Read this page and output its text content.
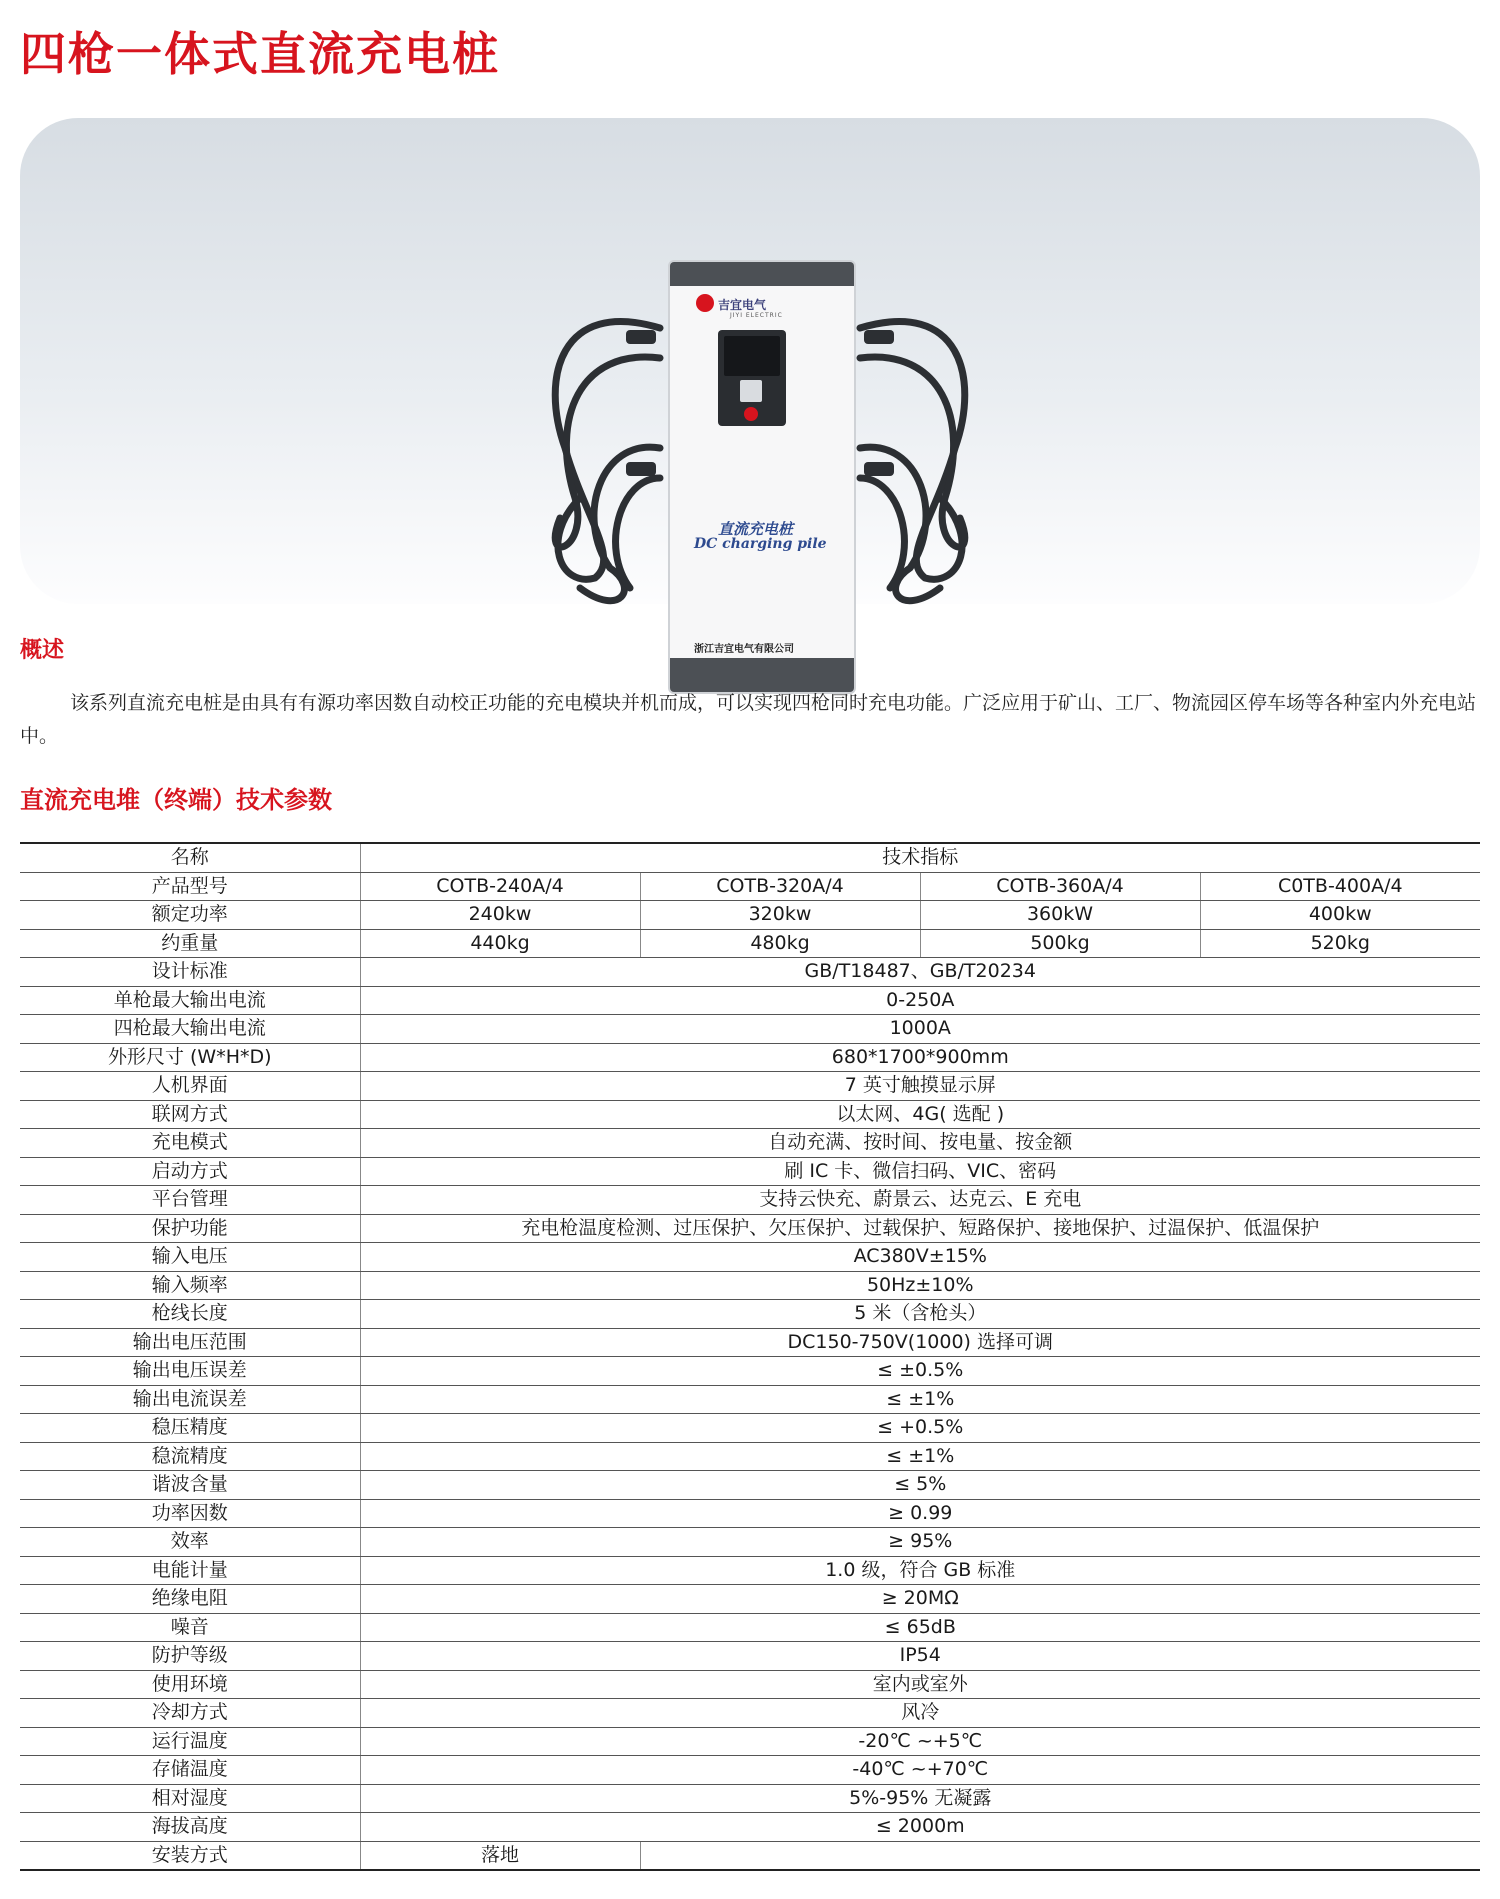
四枪一体式直流充电桩
吉宜电气
JIYI ELECTRIC
直流充电桩
DC charging pile
浙江吉宜电气有限公司
概述

该系列直流充电桩是由具有有源功率因数自动校正功能的充电模块并机而成，可以实现四枪同时充电功能。广泛应用于矿山、工厂、物流园区停车场等各种室内外充电站中。

直流充电堆（终端）技术参数
名称	技术指标			
产品型号	COTB-240A/4	COTB-320A/4	COTB-360A/4	C0TB-400A/4
额定功率	240kw	320kw	360kW	400kw
约重量	440kg	480kg	500kg	520kg
设计标准	GB/T18487、GB/T20234			
单枪最大输出电流	0-250A			
四枪最大输出电流	1000A			
外形尺寸 (W*H*D)	680*1700*900mm			
人机界面	7 英寸触摸显示屏			
联网方式	以太网、4G( 选配 )			
充电模式	自动充满、按时间、按电量、按金额			
启动方式	刷 IC 卡、微信扫码、VIC、密码			
平台管理	支持云快充、蔚景云、达克云、E 充电			
保护功能	充电枪温度检测、过压保护、欠压保护、过载保护、短路保护、接地保护、过温保护、低温保护			
输入电压	AC380V±15%			
输入频率	50Hz±10%			
枪线长度	5 米（含枪头）			
输出电压范围	DC150-750V(1000) 选择可调			
输出电压误差	≤ ±0.5%			
输出电流误差	≤ ±1%			
稳压精度	≤ +0.5%			
稳流精度	≤ ±1%			
谐波含量	≤ 5%			
功率因数	≥ 0.99			
效率	≥ 95%			
电能计量	1.0 级，符合 GB 标准			
绝缘电阻	≥ 20MΩ			
噪音	≤ 65dB			
防护等级	IP54			
使用环境	室内或室外			
冷却方式	风冷			
运行温度	-20℃ ~+5℃			
存储温度	-40℃ ~+70℃			
相对湿度	5%-95% 无凝露			
海拔高度	≤ 2000m			
安装方式	落地			
